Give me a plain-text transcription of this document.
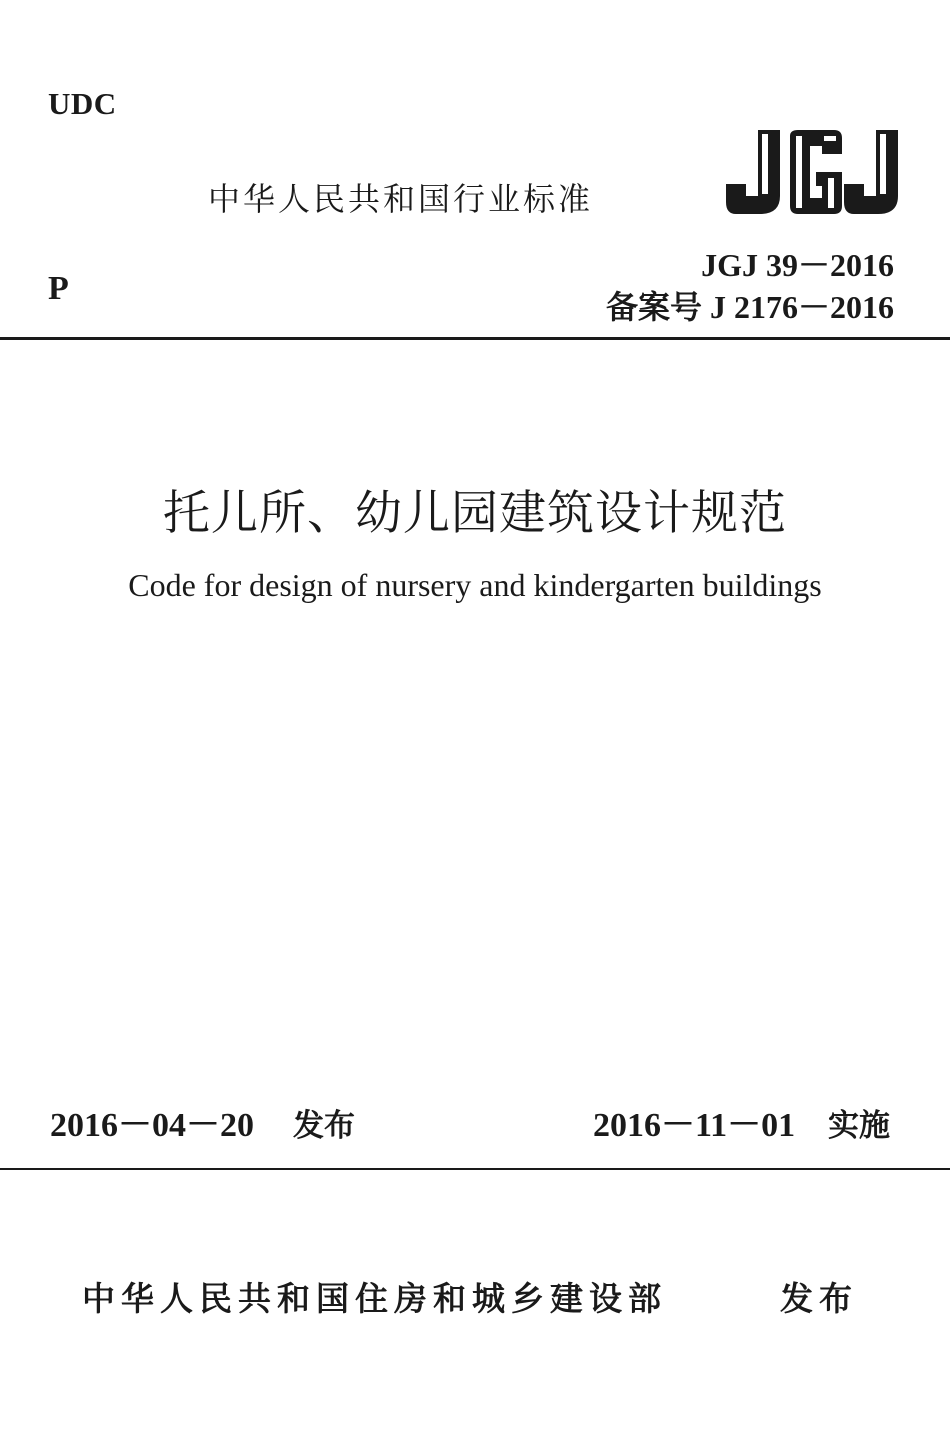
UDC
中华人民共和国行业标准
JGJ 39－2016
P	备案号 J 2176－2016
托儿所、幼儿园建筑设计规范
Code for design of nursery and kindergarten buildings
2016－04－20 发布	2016－11－01 实施
中华人民共和国住房和城乡建设部	发布
